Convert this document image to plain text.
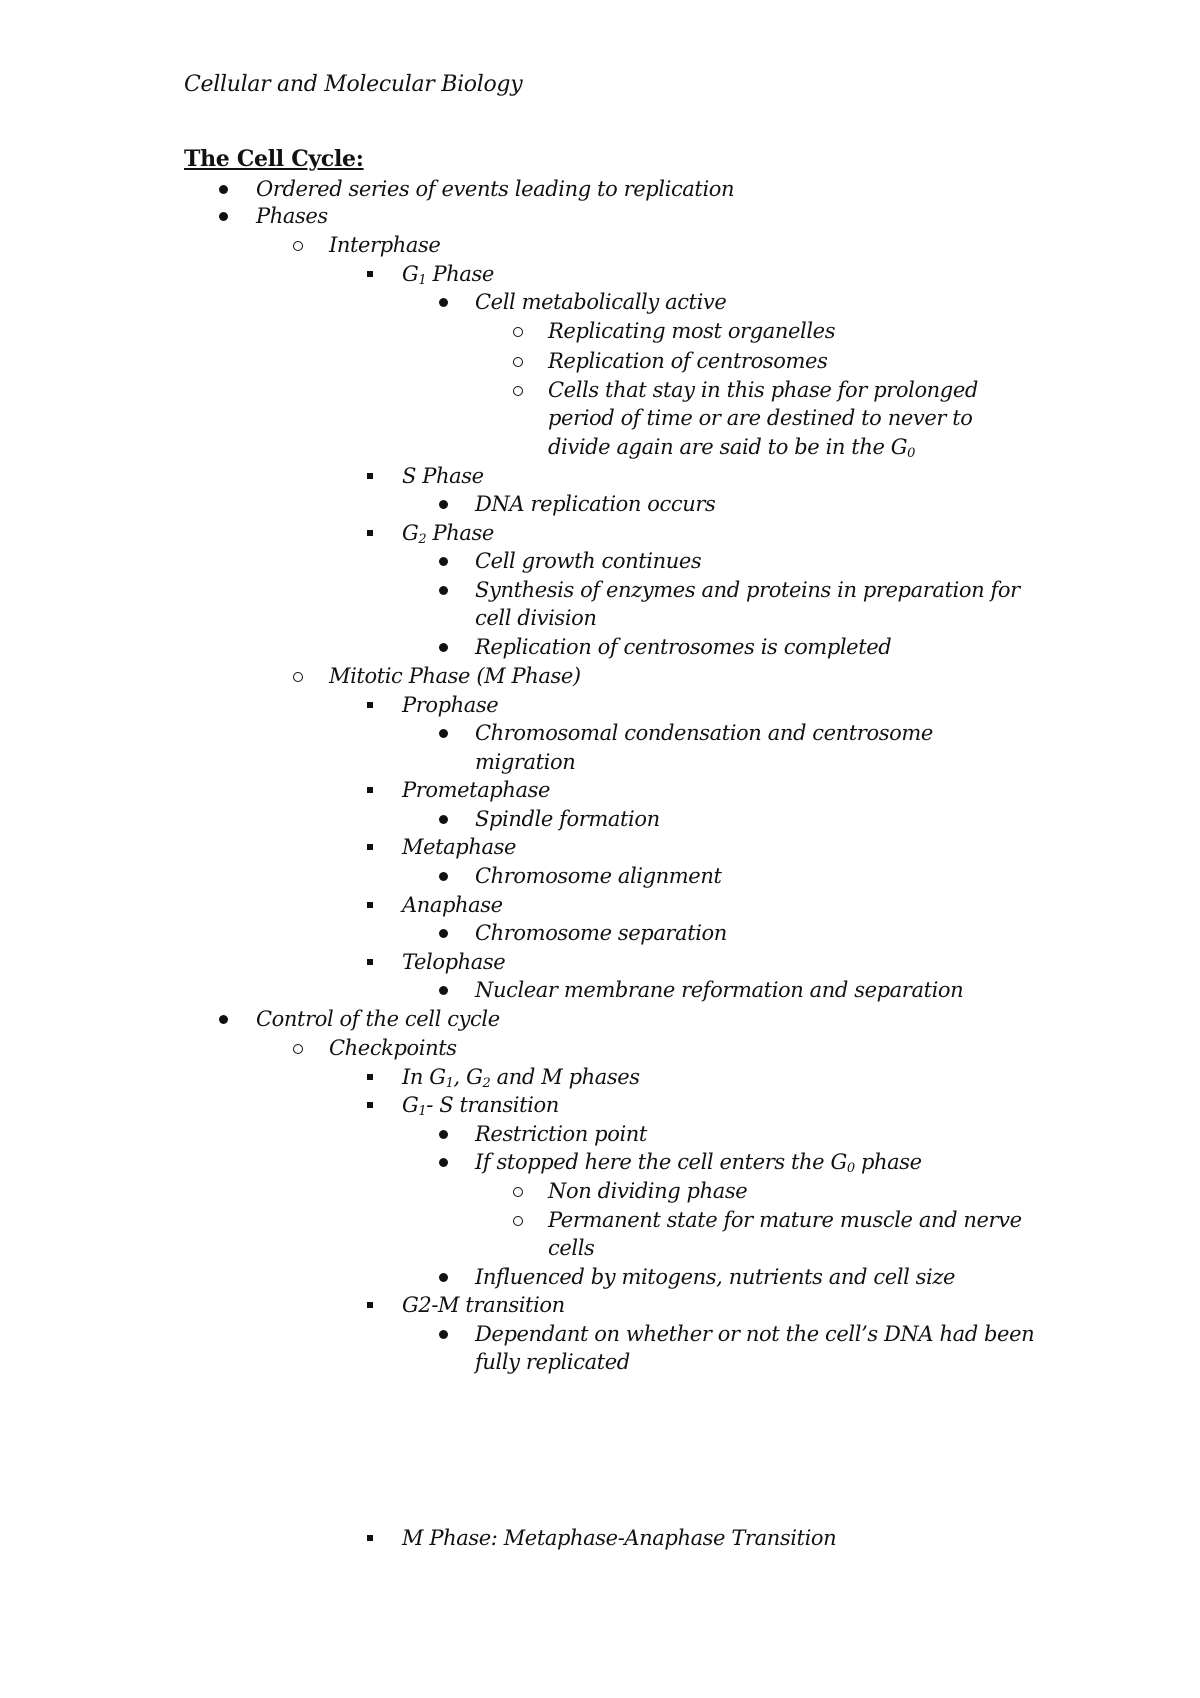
Cellular and Molecular Biology
The Cell Cycle:
Ordered series of events leading to replication
Phases
Interphase
$G_1$ Phase
Cell metabolically active
Replicating most organelles
Replication of centrosomes
Cells that stay in this phase for prolonged
period of time or are destined to never to
divide again are said to be in the $G_0$
S Phase
DNA replication occurs
$G_2$ Phase
Cell growth continues
Synthesis of enzymes and proteins in preparation for
cell division
Replication of centrosomes is completed
Mitotic Phase (M Phase)
Prophase
Chromosomal condensation and centrosome
migration
Prometaphase
Spindle formation
Metaphase
Chromosome alignment
Anaphase
Chromosome separation
Telophase
Nuclear membrane reformation and separation
Control of the cell cycle
Checkpoints
In $G_1$, $G_2$ and M phases
$G_1-$ S transition
Restriction point
If stopped here the cell enters the $G_0$ phase
Non dividing phase
Permanent state for mature muscle and nerve
cells
Influenced by mitogens, nutrients and cell size
G2-M transition
Dependant on whether or not the cell’s DNA had been
fully replicated
M Phase: Metaphase-Anaphase Transition
